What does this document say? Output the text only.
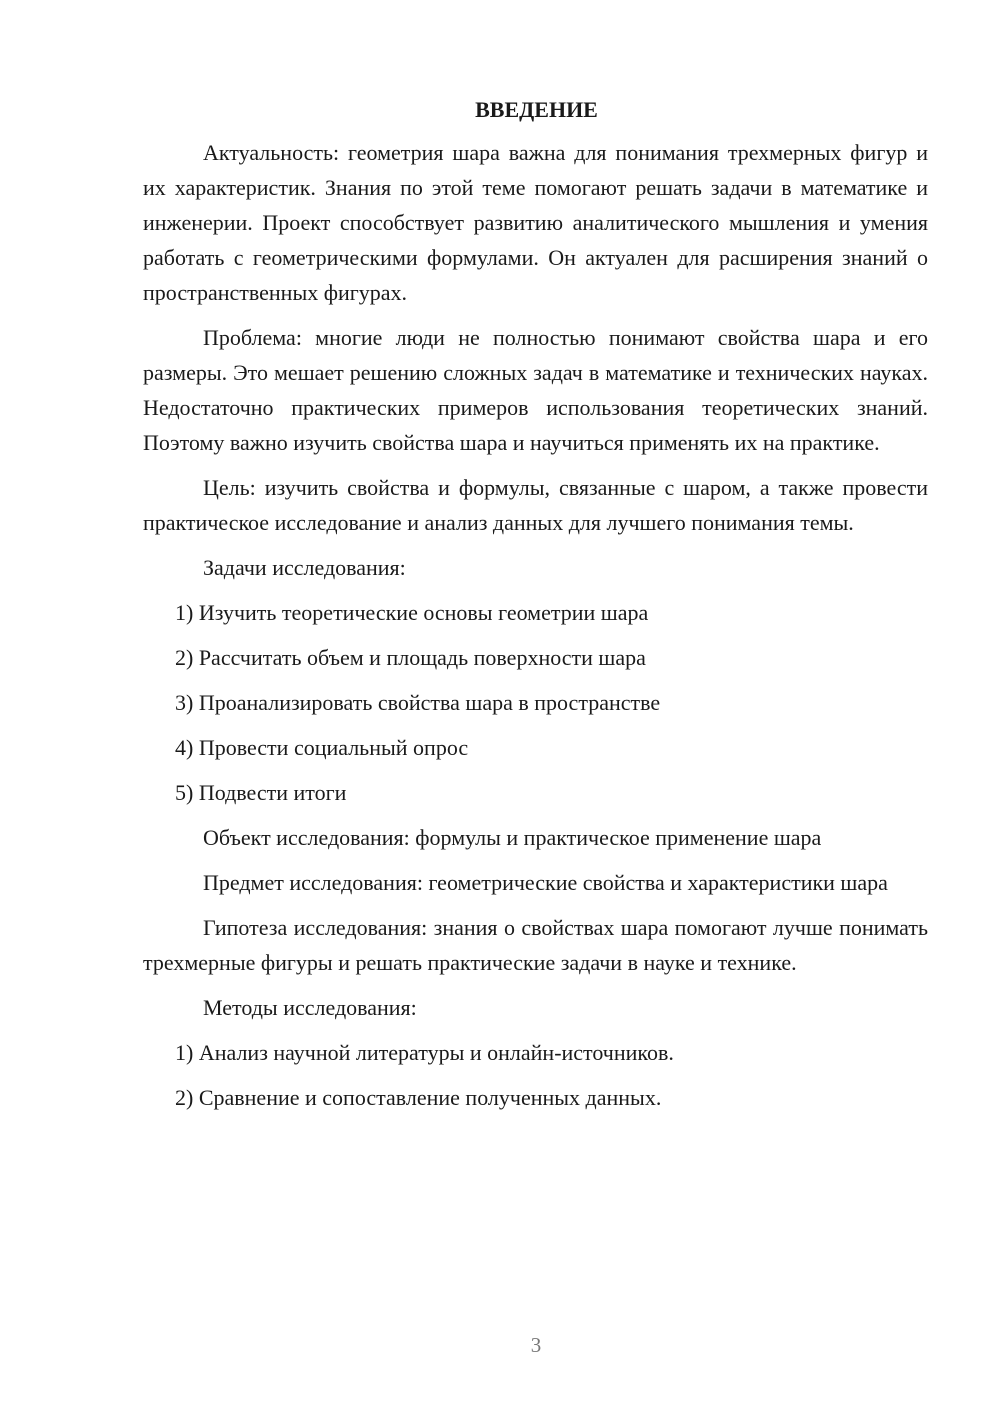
ВВЕДЕНИЕ
Актуальность: геометрия шара важна для понимания трехмерных фигур и их характеристик. Знания по этой теме помогают решать задачи в математике и инженерии. Проект способствует развитию аналитического мышления и умения работать с геометрическими формулами. Он актуален для расширения знаний о пространственных фигурах.
Проблема: многие люди не полностью понимают свойства шара и его размеры. Это мешает решению сложных задач в математике и технических науках. Недостаточно практических примеров использования теоретических знаний. Поэтому важно изучить свойства шара и научиться применять их на практике.
Цель: изучить свойства и формулы, связанные с шаром, а также провести практическое исследование и анализ данных для лучшего понимания темы.
Задачи исследования:
1) Изучить теоретические основы геометрии шара
2) Рассчитать объем и площадь поверхности шара
3) Проанализировать свойства шара в пространстве
4) Провести социальный опрос
5) Подвести итоги
Объект исследования: формулы и практическое применение шара
Предмет исследования: геометрические свойства и характеристики шара
Гипотеза исследования: знания о свойствах шара помогают лучше понимать трехмерные фигуры и решать практические задачи в науке и технике.
Методы исследования:
1) Анализ научной литературы и онлайн-источников.
2) Сравнение и сопоставление полученных данных.
3
